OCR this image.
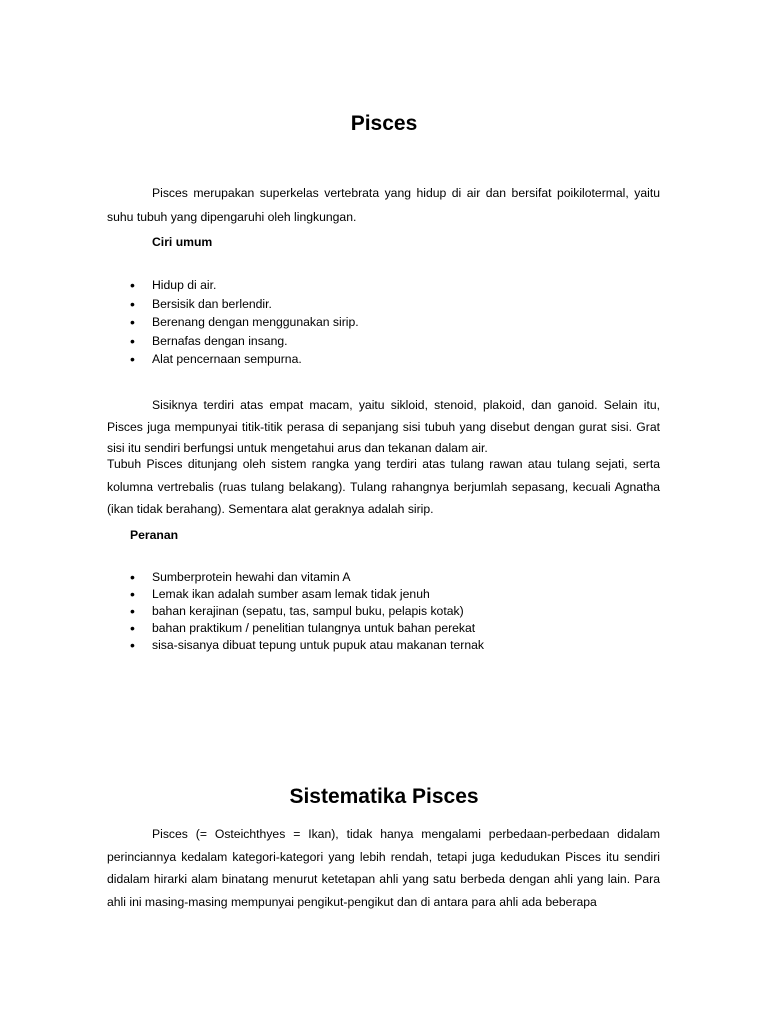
Pisces

Pisces merupakan superkelas vertebrata yang hidup di air dan bersifat poikilotermal, yaitu suhu tubuh yang dipengaruhi oleh lingkungan.

Ciri umum

• Hidup di air.
• Bersisik dan berlendir.
• Berenang dengan menggunakan sirip.
• Bernafas dengan insang.
• Alat pencernaan sempurna.

Sisiknya terdiri atas empat macam, yaitu sikloid, stenoid, plakoid, dan ganoid. Selain itu, Pisces juga mempunyai titik-titik perasa di sepanjang sisi tubuh yang disebut dengan gurat sisi. Grat sisi itu sendiri berfungsi untuk mengetahui arus dan tekanan dalam air.

Tubuh Pisces ditunjang oleh sistem rangka yang terdiri atas tulang rawan atau tulang sejati, serta kolumna vertrebalis (ruas tulang belakang). Tulang rahangnya berjumlah sepasang, kecuali Agnatha (ikan tidak berahang). Sementara alat geraknya adalah sirip.

Peranan

• Sumberprotein hewahi dan vitamin A
• Lemak ikan adalah sumber asam lemak tidak jenuh
• bahan kerajinan (sepatu, tas, sampul buku, pelapis kotak)
• bahan praktikum / penelitian tulangnya untuk bahan perekat
• sisa-sisanya dibuat tepung untuk pupuk atau makanan ternak
Sistematika Pisces

Pisces (= Osteichthyes = Ikan), tidak hanya mengalami perbedaan-perbedaan didalam perinciannya kedalam kategori-kategori yang lebih rendah, tetapi juga kedudukan Pisces itu sendiri didalam hirarki alam binatang menurut ketetapan ahli yang satu berbeda dengan ahli yang lain. Para ahli ini masing-masing mempunyai pengikut-pengikut dan di antara para ahli ada beberapa
